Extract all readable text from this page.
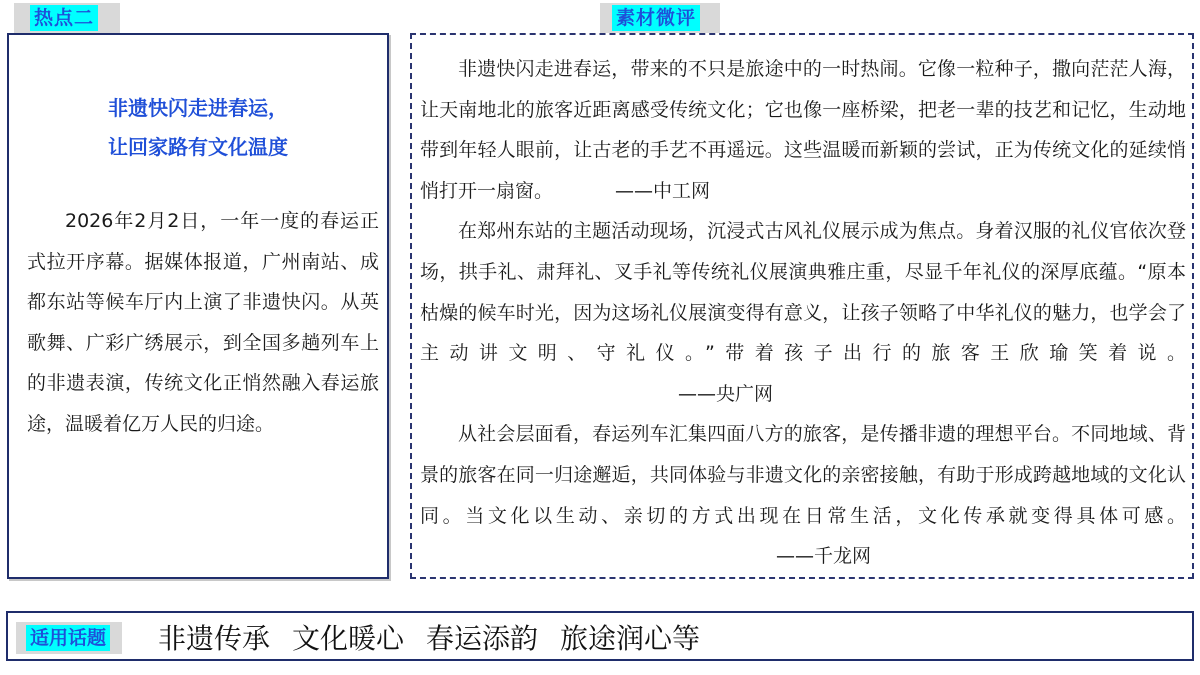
热点二	素材微评
非遗快闪走进春运，
让回家路有文化温度
2026年2月2日，一年一度的春运正式拉开序幕。据媒体报道，广州南站、成都东站等候车厅内上演了非遗快闪。从英歌舞、广彩广绣展示，到全国多趟列车上的非遗表演，传统文化正悄然融入春运旅途，温暖着亿万人民的归途。

非遗快闪走进春运，带来的不只是旅途中的一时热闹。它像一粒种子，撒向茫茫人海，让天南地北的旅客近距离感受传统文化；它也像一座桥梁，把老一辈的技艺和记忆，生动地带到年轻人眼前，让古老的手艺不再遥远。这些温暖而新颖的尝试，正为传统文化的延续悄悄打开一扇窗。	——中工网

在郑州东站的主题活动现场，沉浸式古风礼仪展示成为焦点。身着汉服的礼仪官依次登场，拱手礼、肃拜礼、叉手礼等传统礼仪展演典雅庄重，尽显千年礼仪的深厚底蕴。“原本枯燥的候车时光，因为这场礼仪展演变得有意义，让孩子领略了中华礼仪的魅力，也学会了主动讲文明、守礼仪。”带着孩子出行的旅客王欣瑜笑着说。——央广网

从社会层面看，春运列车汇集四面八方的旅客，是传播非遗的理想平台。不同地域、背景的旅客在同一归途邂逅，共同体验与非遗文化的亲密接触，有助于形成跨越地域的文化认同。当文化以生动、亲切的方式出现在日常生活，文化传承就变得具体可感。——千龙网

适用话题 非遗传承 文化暖心 春运添韵 旅途润心等
